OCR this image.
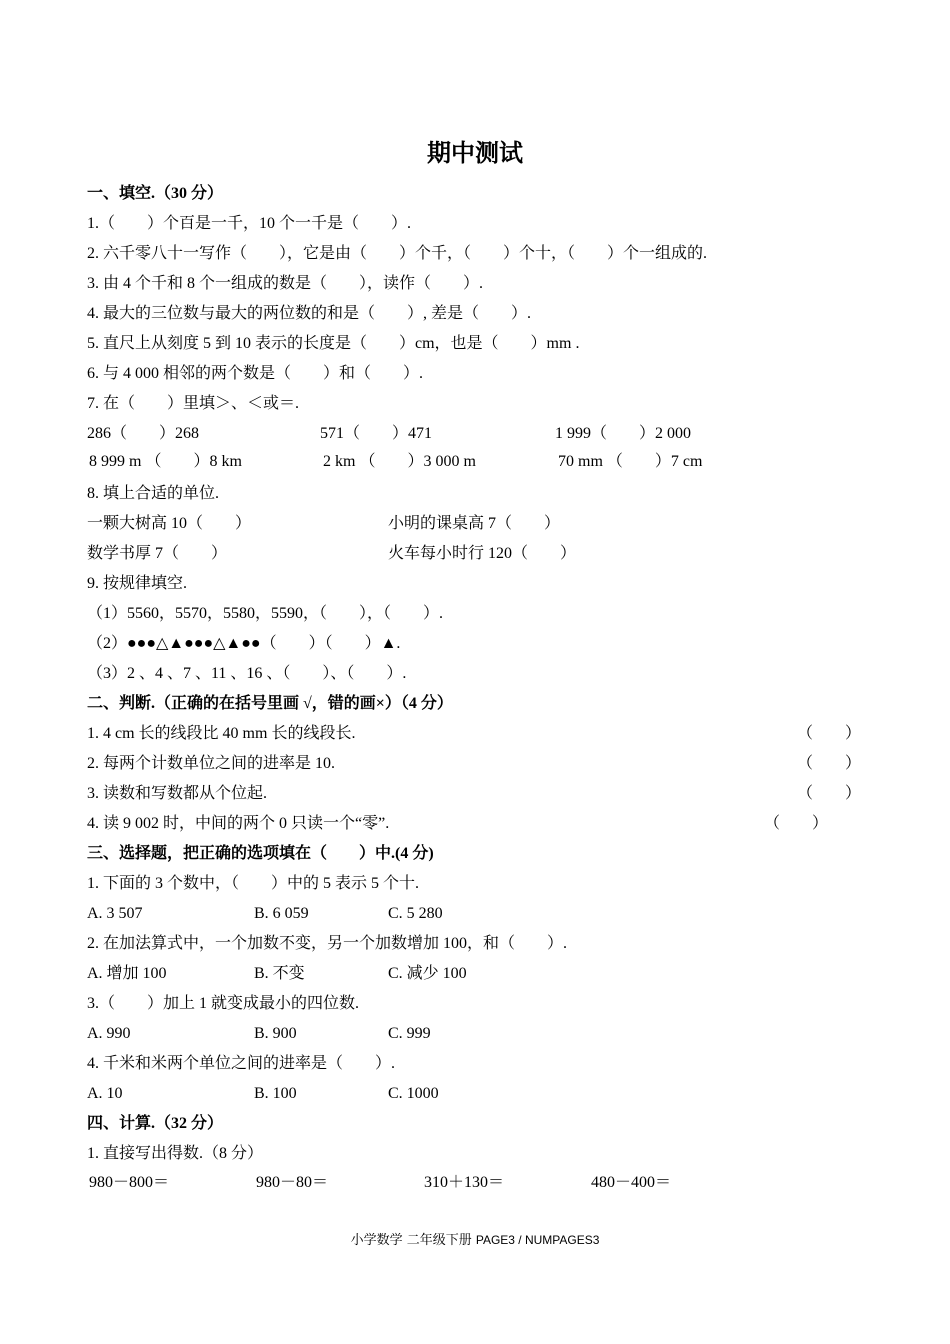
期中测试
一、填空.（30 分）
1.（　　）个百是一千，10 个一千是（　　）.
2. 六千零八十一写作（　　），它是由（　　）个千，（　　）个十，（　　）个一组成的.
3. 由 4 个千和 8 个一组成的数是（　　），读作（　　）.
4. 最大的三位数与最大的两位数的和是（　　）, 差是（　　）.
5. 直尺上从刻度 5 到 10 表示的长度是（　　）cm，也是（　　）mm .
6. 与 4 000 相邻的两个数是（　　）和（　　）.
7. 在（　　）里填＞、＜或＝.
286（　　）268	571（　　）471	1 999（　　）2 000
8 999 m （　　）8 km	2 km （　　）3 000 m	70 mm （　　）7 cm
8. 填上合适的单位.
一颗大树高 10（　　）	小明的课桌高 7（　　）
数学书厚 7（　　）	火车每小时行 120（　　）
9. 按规律填空.
（1）5560，5570，5580，5590，（　　），（　　）.
（2）●●●△▲●●●△▲●●（　　）（　　）▲.
（3）2 、4 、7 、11 、16 、（　　）、（　　）.
二、判断.（正确的在括号里画 √，错的画×）（4 分）
1. 4 cm 长的线段比 40 mm 长的线段长.	（　　）
2. 每两个计数单位之间的进率是 10.	（　　）
3. 读数和写数都从个位起.	（　　）
4. 读 9 002 时，中间的两个 0 只读一个“零”.	（　　）
三、选择题，把正确的选项填在（　　）中.(4 分)
1. 下面的 3 个数中，（　　）中的 5 表示 5 个十.
A. 3 507	B. 6 059	C. 5 280
2. 在加法算式中，一个加数不变，另一个加数增加 100，和（　　）.
A. 增加 100	B. 不变	C. 减少 100
3.（　　）加上 1 就变成最小的四位数.
A. 990	B. 900	C. 999
4. 千米和米两个单位之间的进率是（　　）.
A. 10	B. 100	C. 1000
四、计算.（32 分）
1. 直接写出得数.（8 分）
980－800＝	980－80＝	310＋130＝	480－400＝
小学数学 二年级下册 PAGE3 / NUMPAGES3
